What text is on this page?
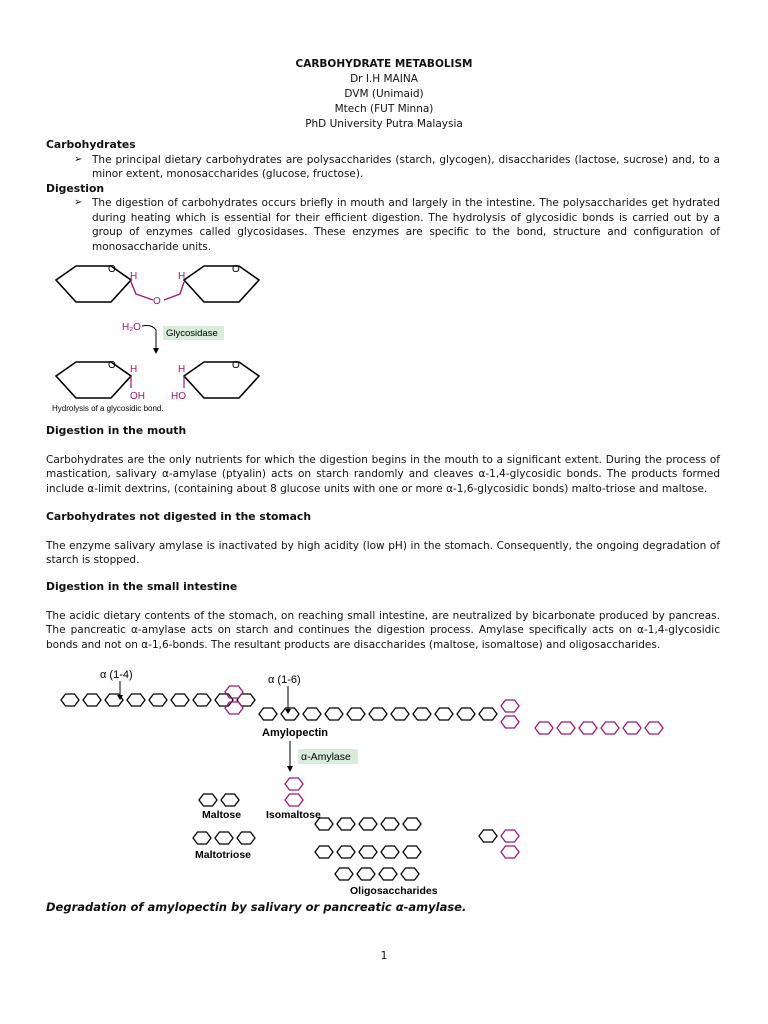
CARBOHYDRATE METABOLISM
Dr I.H MAINA
DVM (Unimaid)
Mtech (FUT Minna)
PhD University Putra Malaysia
Carbohydrates
➢ The principal dietary carbohydrates are polysaccharides (starch, glycogen), disaccharides (lactose, sucrose) and, to a minor extent, monosaccharides (glucose, fructose).
Digestion
➢ The digestion of carbohydrates occurs briefly in mouth and largely in the intestine. The polysaccharides get hydrated during heating which is essential for their efficient digestion. The hydrolysis of glycosidic bonds is carried out by a group of enzymes called glycosidases. These enzymes are specific to the bond, structure and configuration of monosaccharide units.
O	O
H	H
O
H₂O
Glycosidase
O	O
H	H
OH	HO
Hydrolysis of a glycosidic bond.
Digestion in the mouth
Carbohydrates are the only nutrients for which the digestion begins in the mouth to a significant extent. During the process of mastication, salivary α-amylase (ptyalin) acts on starch randomly and cleaves α-1,4-glycosidic bonds. The products formed include α-limit dextrins, (containing about 8 glucose units with one or more α-1,6-glycosidic bonds) malto-triose and maltose.
Carbohydrates not digested in the stomach
The enzyme salivary amylase is inactivated by high acidity (low pH) in the stomach. Consequently, the ongoing degradation of starch is stopped.
Digestion in the small intestine
The acidic dietary contents of the stomach, on reaching small intestine, are neutralized by bicarbonate produced by pancreas. The pancreatic α-amylase acts on starch and continues the digestion process. Amylase specifically acts on α-1,4-glycosidic bonds and not on α-1,6-bonds. The resultant products are disaccharides (maltose, isomaltose) and oligosaccharides.
α (1-4)	α (1-6)
Amylopectin
α-Amylase
Maltose Isomaltose
Maltotriose
Oligosaccharides
Degradation of amylopectin by salivary or pancreatic α-amylase.
1
